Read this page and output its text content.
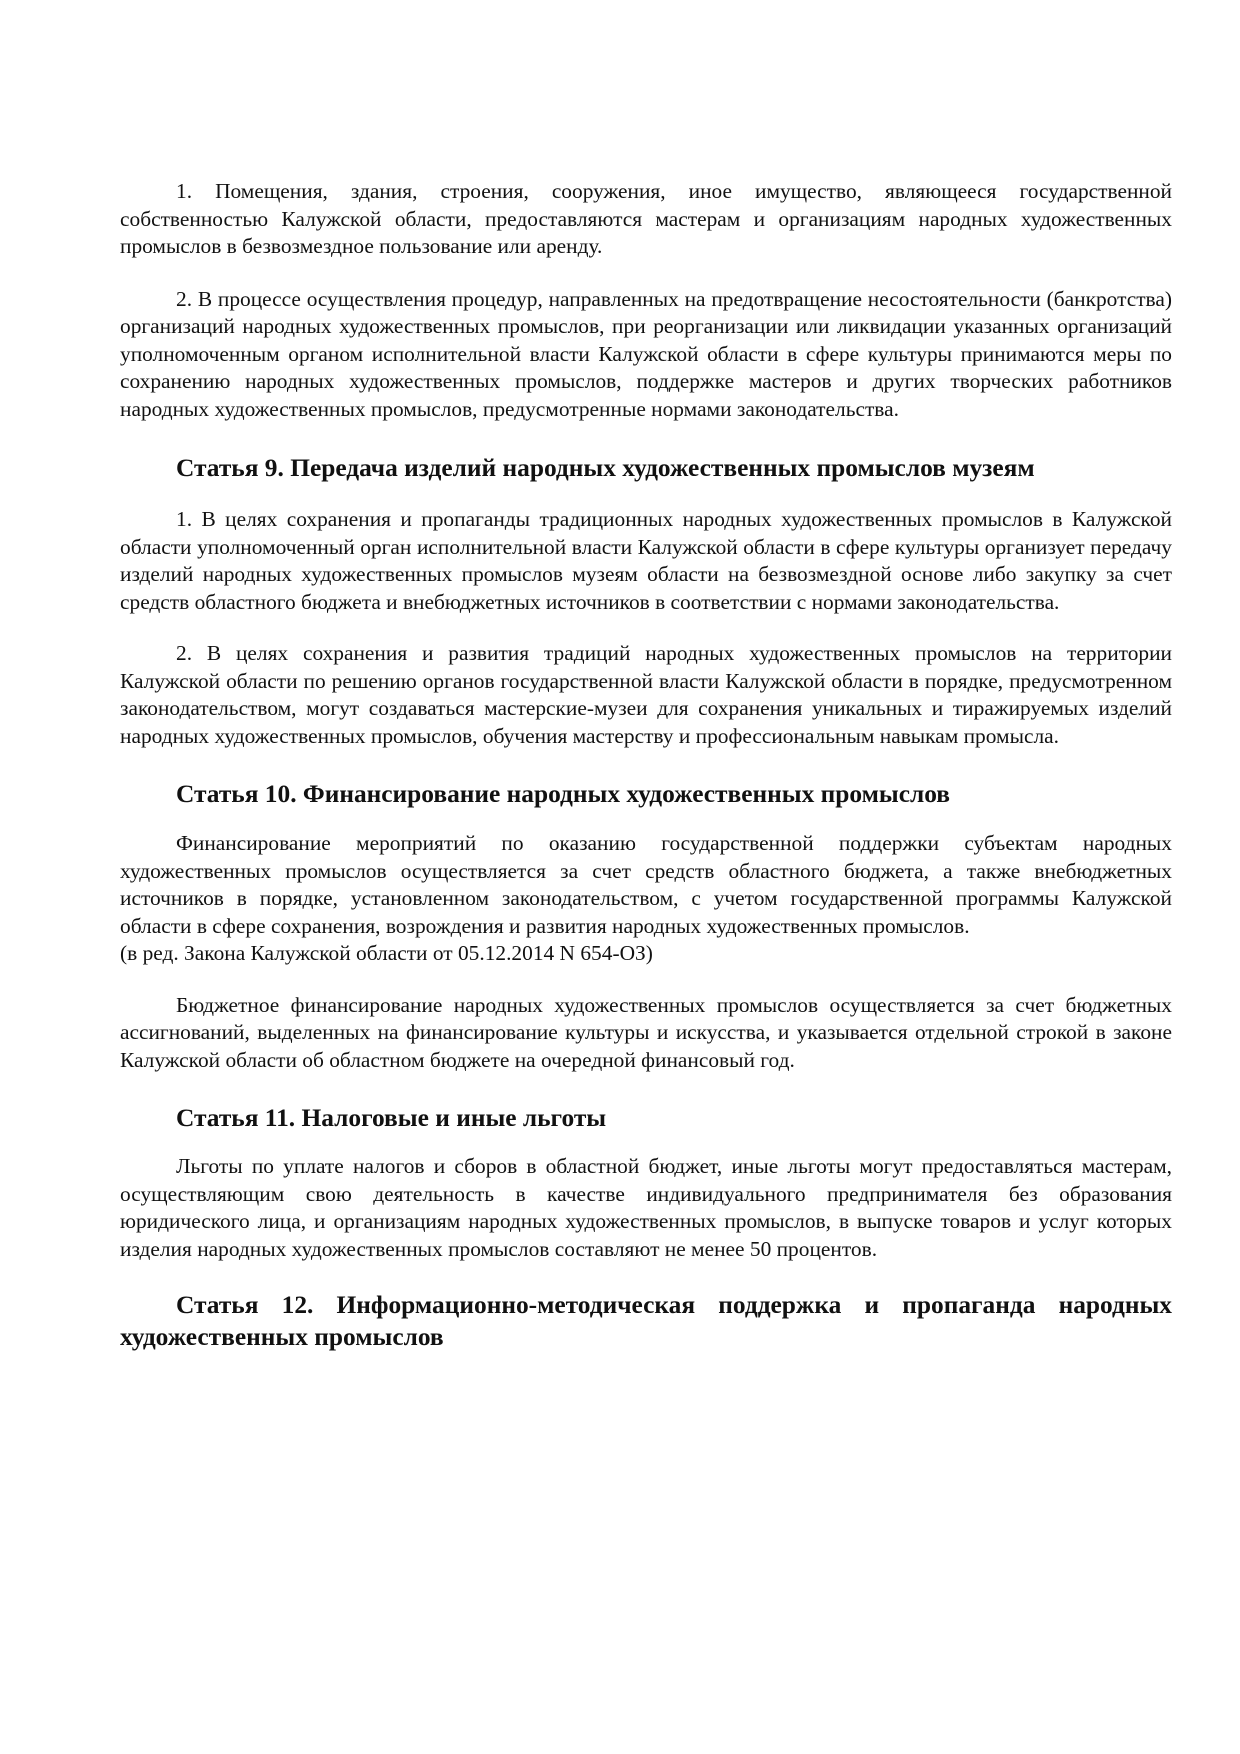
1. Помещения, здания, строения, сооружения, иное имущество, являющееся государственной собственностью Калужской области, предоставляются мастерам и организациям народных художественных промыслов в безвозмездное пользование или аренду.

2. В процессе осуществления процедур, направленных на предотвращение несостоятельности (банкротства) организаций народных художественных промыслов, при реорганизации или ликвидации указанных организаций уполномоченным органом исполнительной власти Калужской области в сфере культуры принимаются меры по сохранению народных художественных промыслов, поддержке мастеров и других творческих работников народных художественных промыслов, предусмотренные нормами законодательства.

Статья 9. Передача изделий народных художественных промыслов музеям

1. В целях сохранения и пропаганды традиционных народных художественных промыслов в Калужской области уполномоченный орган исполнительной власти Калужской области в сфере культуры организует передачу изделий народных художественных промыслов музеям области на безвозмездной основе либо закупку за счет средств областного бюджета и внебюджетных источников в соответствии с нормами законодательства.

2. В целях сохранения и развития традиций народных художественных промыслов на территории Калужской области по решению органов государственной власти Калужской области в порядке, предусмотренном законодательством, могут создаваться мастерские-музеи для сохранения уникальных и тиражируемых изделий народных художественных промыслов, обучения мастерству и профессиональным навыкам промысла.

Статья 10. Финансирование народных художественных промыслов

Финансирование мероприятий по оказанию государственной поддержки субъектам народных художественных промыслов осуществляется за счет средств областного бюджета, а также внебюджетных источников в порядке, установленном законодательством, с учетом государственной программы Калужской области в сфере сохранения, возрождения и развития народных художественных промыслов.

(в ред. Закона Калужской области от 05.12.2014 N 654-ОЗ)

Бюджетное финансирование народных художественных промыслов осуществляется за счет бюджетных ассигнований, выделенных на финансирование культуры и искусства, и указывается отдельной строкой в законе Калужской области об областном бюджете на очередной финансовый год.

Статья 11. Налоговые и иные льготы

Льготы по уплате налогов и сборов в областной бюджет, иные льготы могут предоставляться мастерам, осуществляющим свою деятельность в качестве индивидуального предпринимателя без образования юридического лица, и организациям народных художественных промыслов, в выпуске товаров и услуг которых изделия народных художественных промыслов составляют не менее 50 процентов.

Статья 12. Информационно-методическая поддержка и пропаганда народных художественных промыслов
